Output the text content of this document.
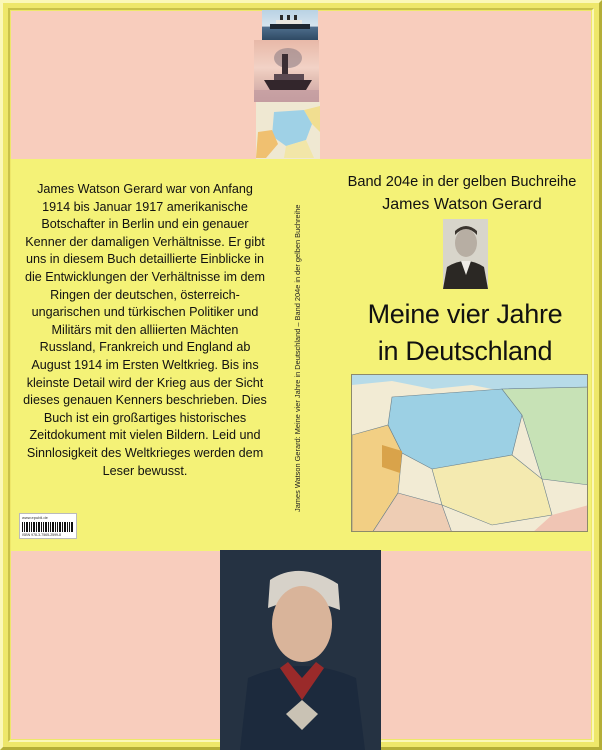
James Watson Gerard war von Anfang 1914 bis Januar 1917 amerikanische Botschafter in Berlin und ein genauer Kenner der damaligen Verhältnisse. Er gibt uns in diesem Buch detaillierte Einblicke in die Entwicklungen der Verhältnisse im dem Ringen der deutschen, österreich-ungarischen und türkischen Politiker und Militärs mit den alliierten Mächten Russland, Frankreich und England ab August 1914 im Ersten Weltkrieg. Bis ins kleinste Detail wird der Krieg aus der Sicht dieses genauen Kenners beschrieben. Dies Buch ist ein großartiges historisches Zeitdokument mit vielen Bildern. Leid und Sinnlosigkeit des Weltkrieges werden dem Leser bewusst.
www.epubli.de
ISBN 978-3-7565-2599-8
James Watson Gerard: Meine vier Jahre in Deutschland – Band 204e in der gelben Buchreihe
Band 204e in der gelben Buchreihe
James Watson Gerard
Meine vier Jahre
in Deutschland
